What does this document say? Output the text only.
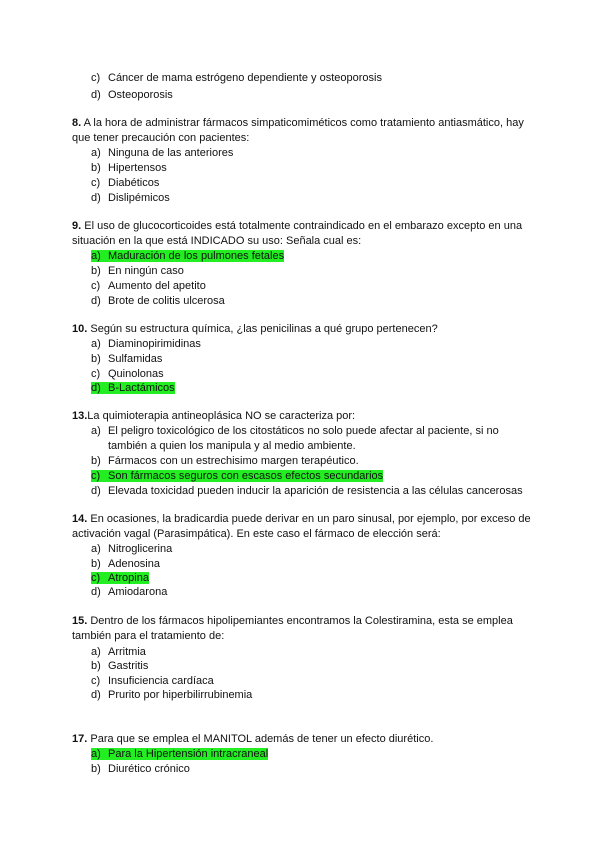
c) Cáncer de mama estrógeno dependiente y osteoporosis
d) Osteoporosis
8. A la hora de administrar fármacos simpaticomiméticos como tratamiento antiasmático, hay que tener precaución con pacientes:
a) Ninguna de las anteriores
b) Hipertensos
c) Diabéticos
d) Dislipémicos
9. El uso de glucocorticoides está totalmente contraindicado en el embarazo excepto en una situación en la que está INDICADO su uso: Señala cual es:
a) Maduración de los pulmones fetales
b) En ningún caso
c) Aumento del apetito
d) Brote de colitis ulcerosa
10. Según su estructura química, ¿las penicilinas a qué grupo pertenecen?
a) Diaminopirimidinas
b) Sulfamidas
c) Quinolonas
d) B-Lactámicos
13.La quimioterapia antineoplásica NO se caracteriza por:
a) El peligro toxicológico de los citostáticos no solo puede afectar al paciente, si no
también a quien los manipula y al medio ambiente.
b) Fármacos con un estrechisimo margen terapéutico.
c) Son fármacos seguros con escasos efectos secundarios
d) Elevada toxicidad pueden inducir la aparición de resistencia a las células cancerosas
14. En ocasiones, la bradicardia puede derivar en un paro sinusal, por ejemplo, por exceso de activación vagal (Parasimpática). En este caso el fármaco de elección será:
a) Nitroglicerina
b) Adenosina
c) Atropina
d) Amiodarona
15. Dentro de los fármacos hipolipemiantes encontramos la Colestiramina, esta se emplea también para el tratamiento de:
a) Arritmia
b) Gastritis
c) Insuficiencia cardíaca
d) Prurito por hiperbilirrubinemia
17. Para que se emplea el MANITOL además de tener un efecto diurético.
a) Para la Hipertensión intracraneal
b) Diurético crónico
